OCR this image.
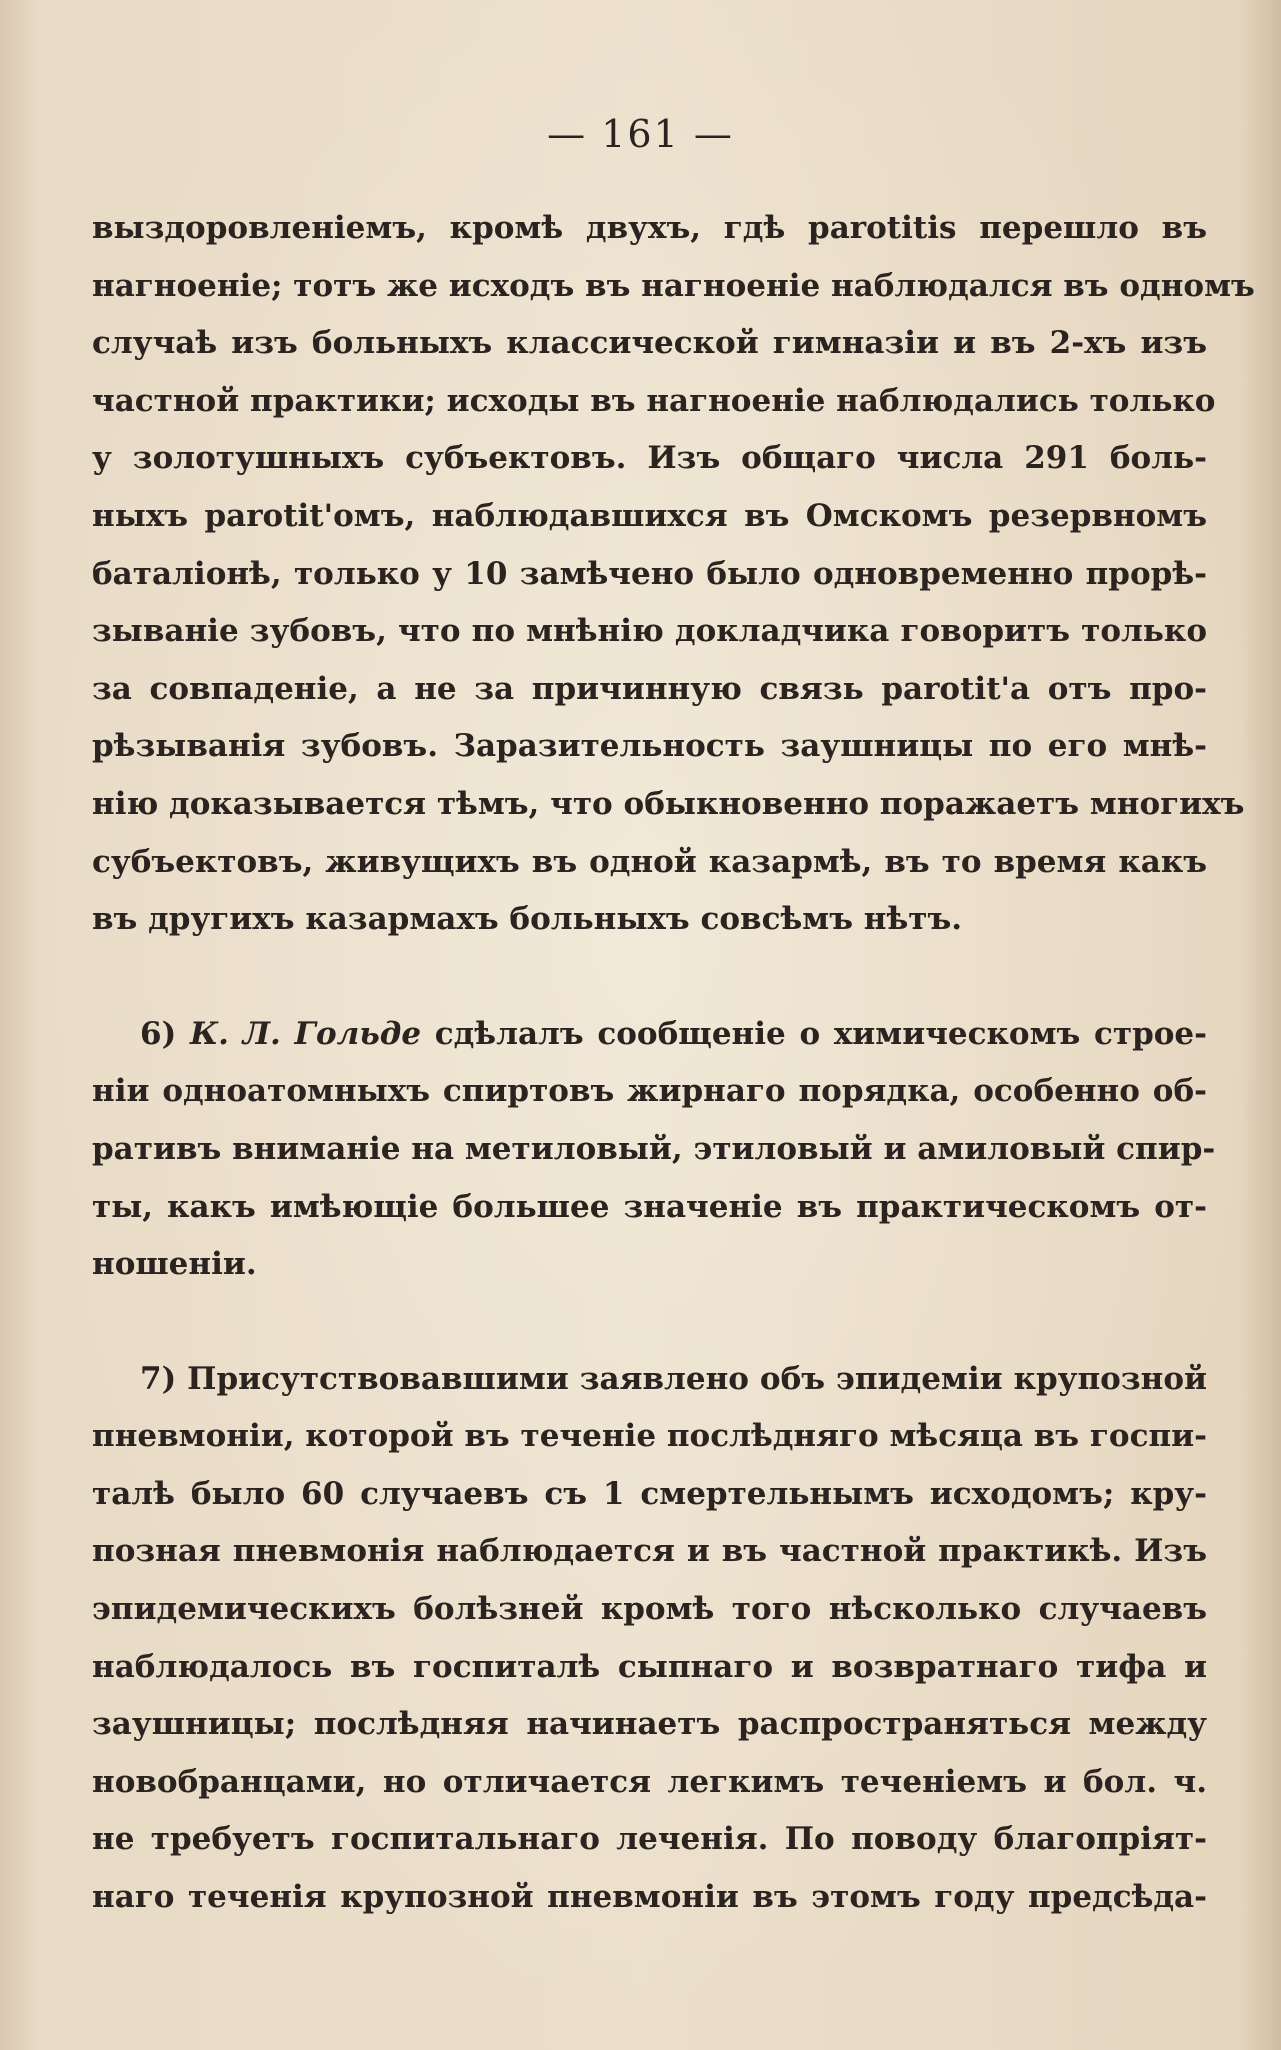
— 161 —
выздоровленіемъ, кромѣ двухъ, гдѣ parotitis перешло въ
нагноеніе; тотъ же исходъ въ нагноеніе наблюдался въ одномъ
случаѣ изъ больныхъ классической гимназіи и въ 2-хъ изъ
частной практики; исходы въ нагноеніе наблюдались только
у золотушныхъ субъектовъ. Изъ общаго числа 291 боль-
ныхъ parotit'омъ, наблюдавшихся въ Омскомъ резервномъ
баталіонѣ, только у 10 замѣчено было одновременно прорѣ-
зываніе зубовъ, что по мнѣнію докладчика говоритъ только
за совпаденіе, а не за причинную связь parotit'а отъ про-
рѣзыванія зубовъ. Заразительность заушницы по его мнѣ-
нію доказывается тѣмъ, что обыкновенно поражаетъ многихъ
субъектовъ, живущихъ въ одной казармѣ, въ то время какъ
въ другихъ казармахъ больныхъ совсѣмъ нѣтъ.
6) К. Л. Гольде сдѣлалъ сообщеніе о химическомъ строе-
ніи одноатомныхъ спиртовъ жирнаго порядка, особенно об-
ративъ вниманіе на метиловый, этиловый и амиловый спир-
ты, какъ имѣющіе большее значеніе въ практическомъ от-
ношеніи.
7) Присутствовавшими заявлено объ эпидеміи крупозной
пневмоніи, которой въ теченіе послѣдняго мѣсяца въ госпи-
талѣ было 60 случаевъ съ 1 смертельнымъ исходомъ; кру-
позная пневмонія наблюдается и въ частной практикѣ. Изъ
эпидемическихъ болѣзней кромѣ того нѣсколько случаевъ
наблюдалось въ госпиталѣ сыпнаго и возвратнаго тифа и
заушницы; послѣдняя начинаетъ распространяться между
новобранцами, но отличается легкимъ теченіемъ и бол. ч.
не требуетъ госпитальнаго леченія. По поводу благопріят-
наго теченія крупозной пневмоніи въ этомъ году предсѣда-
